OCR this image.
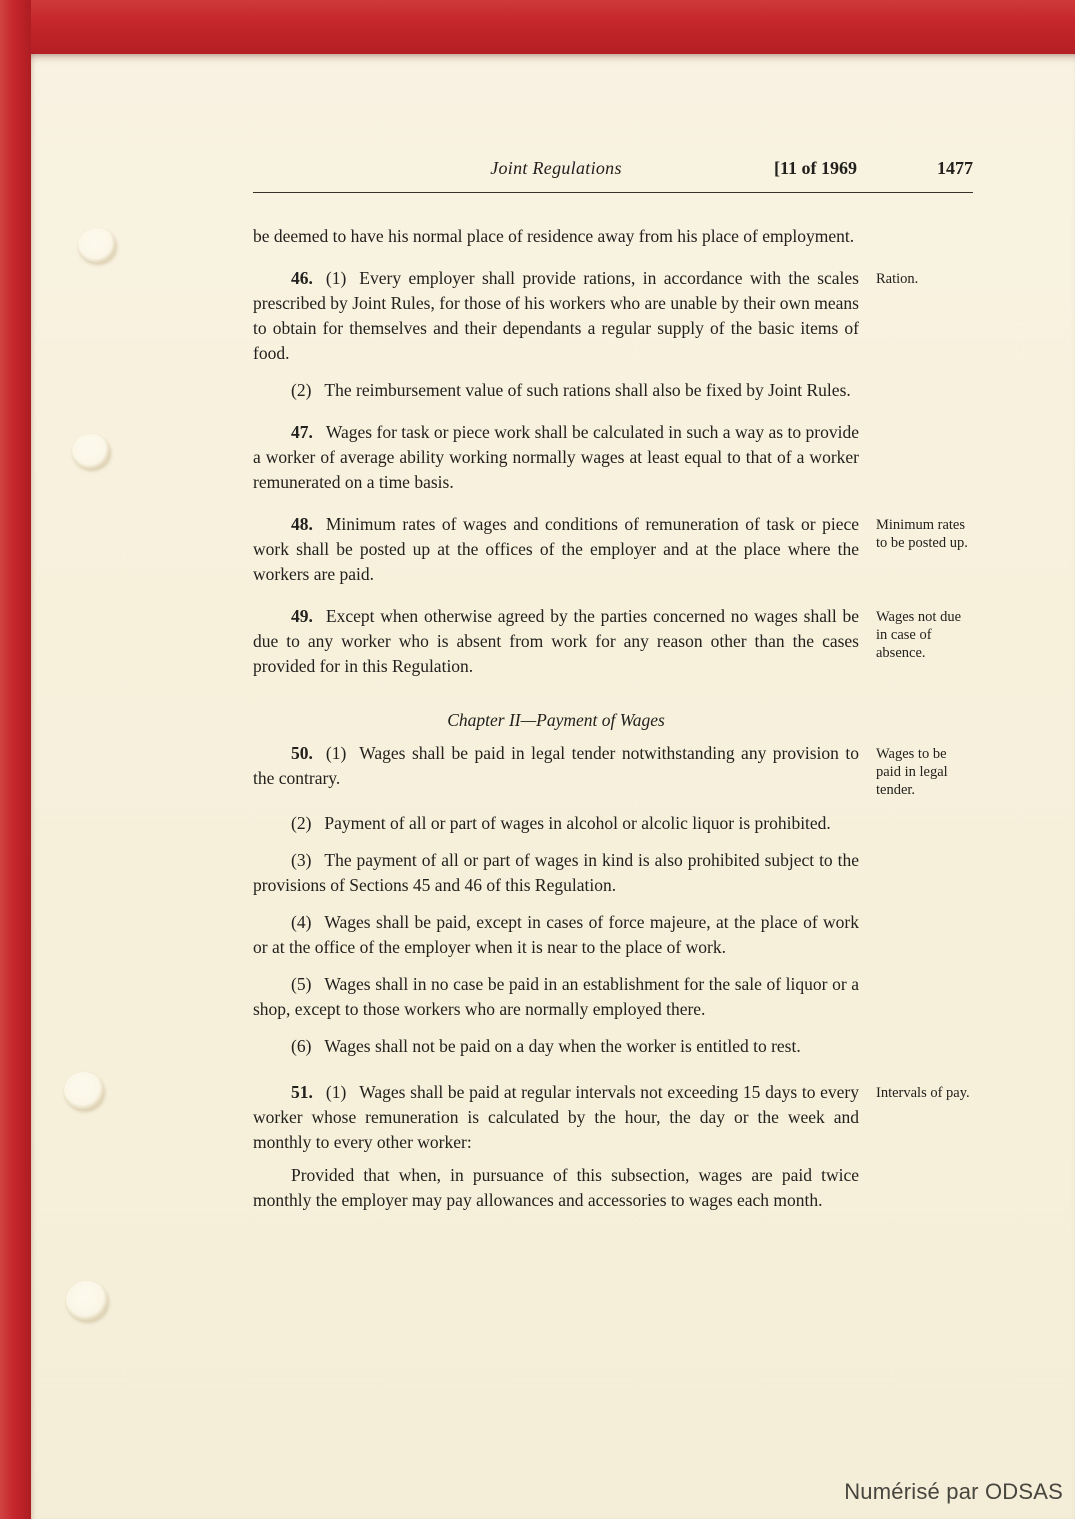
Joint Regulations	[11 of 1969	1477

be deemed to have his normal place of residence away from his place of employment.

46. (1) Every employer shall provide rations, in accordance with the scales prescribed by Joint Rules, for those of his workers who are unable by their own means to obtain for themselves and their dependants a regular supply of the basic items of food.

Ration.

(2) The reimbursement value of such rations shall also be fixed by Joint Rules.

47. Wages for task or piece work shall be calculated in such a way as to provide a worker of average ability working normally wages at least equal to that of a worker remunerated on a time basis.

48. Minimum rates of wages and conditions of remuneration of task or piece work shall be posted up at the offices of the employer and at the place where the workers are paid.

Minimum rates to be posted up.

49. Except when otherwise agreed by the parties concerned no wages shall be due to any worker who is absent from work for any reason other than the cases provided for in this Regulation.

Wages not due in case of absence.
Chapter II—Payment of Wages

50. (1) Wages shall be paid in legal tender notwithstanding any provision to the contrary.

Wages to be paid in legal tender.

(2) Payment of all or part of wages in alcohol or alcolic liquor is prohibited.

(3) The payment of all or part of wages in kind is also prohibited subject to the provisions of Sections 45 and 46 of this Regulation.

(4) Wages shall be paid, except in cases of force majeure, at the place of work or at the office of the employer when it is near to the place of work.

(5) Wages shall in no case be paid in an establishment for the sale of liquor or a shop, except to those workers who are normally employed there.

(6) Wages shall not be paid on a day when the worker is entitled to rest.

51. (1) Wages shall be paid at regular intervals not exceeding 15 days to every worker whose remuneration is calculated by the hour, the day or the week and monthly to every other worker:

Intervals of pay.

Provided that when, in pursuance of this subsection, wages are paid twice monthly the employer may pay allowances and accessories to wages each month.

Numérisé par ODSAS
